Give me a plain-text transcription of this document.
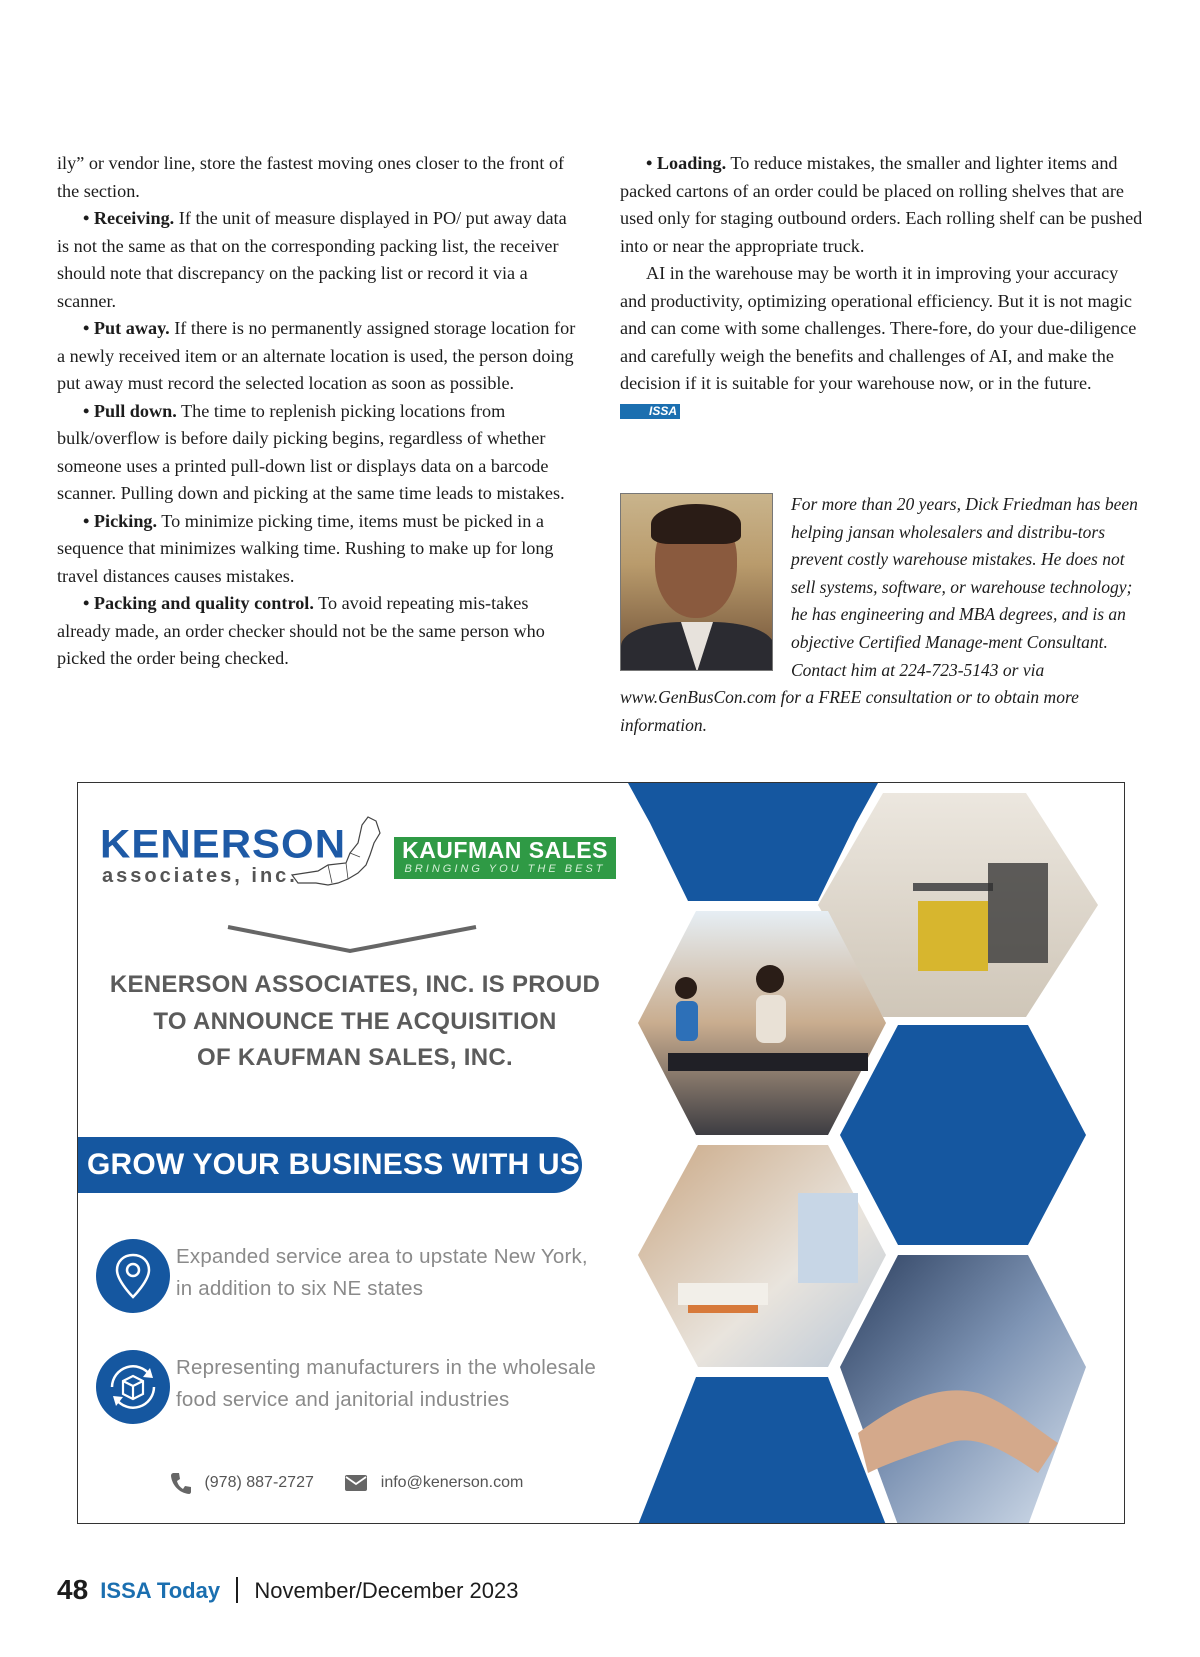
ily” or vendor line, store the fastest moving ones closer to the front of the section.

• Receiving. If the unit of measure displayed in PO/ put away data is not the same as that on the corresponding packing list, the receiver should note that discrepancy on the packing list or record it via a scanner.

• Put away. If there is no permanently assigned storage location for a newly received item or an alternate location is used, the person doing put away must record the selected location as soon as possible.

• Pull down. The time to replenish picking locations from bulk/overflow is before daily picking begins, regardless of whether someone uses a printed pull-down list or displays data on a barcode scanner. Pulling down and picking at the same time leads to mistakes.

• Picking. To minimize picking time, items must be picked in a sequence that minimizes walking time. Rushing to make up for long travel distances causes mistakes.

• Packing and quality control. To avoid repeating mis-takes already made, an order checker should not be the same person who picked the order being checked.

• Loading. To reduce mistakes, the smaller and lighter items and packed cartons of an order could be placed on rolling shelves that are used only for staging outbound orders. Each rolling shelf can be pushed into or near the appropriate truck.

AI in the warehouse may be worth it in improving your accuracy and productivity, optimizing operational efficiency. But it is not magic and can come with some challenges. There-fore, do your due-diligence and carefully weigh the benefits and challenges of AI, and make the decision if it is suitable for your warehouse now, or in the future. ISSA

For more than 20 years, Dick Friedman has been helping jansan wholesalers and distribu-tors prevent costly warehouse mistakes. He does not sell systems, software, or warehouse technology; he has engineering and MBA degrees, and is an objective Certified Manage-ment Consultant. Contact him at 224-723-5143 or via www.GenBusCon.com for a FREE consultation or to obtain more information.
KENERSON
associates, inc.
KAUFMAN SALES
BRINGING YOU THE BEST
KENERSON ASSOCIATES, INC. IS PROUD
TO ANNOUNCE THE ACQUISITION
OF KAUFMAN SALES, INC.
GROW YOUR BUSINESS WITH US
Expanded service area to upstate New York,
in addition to six NE states
Representing manufacturers in the wholesale
food service and janitorial industries
(978) 887-2727	info@kenerson.com
48 ISSA Today November/December 2023
